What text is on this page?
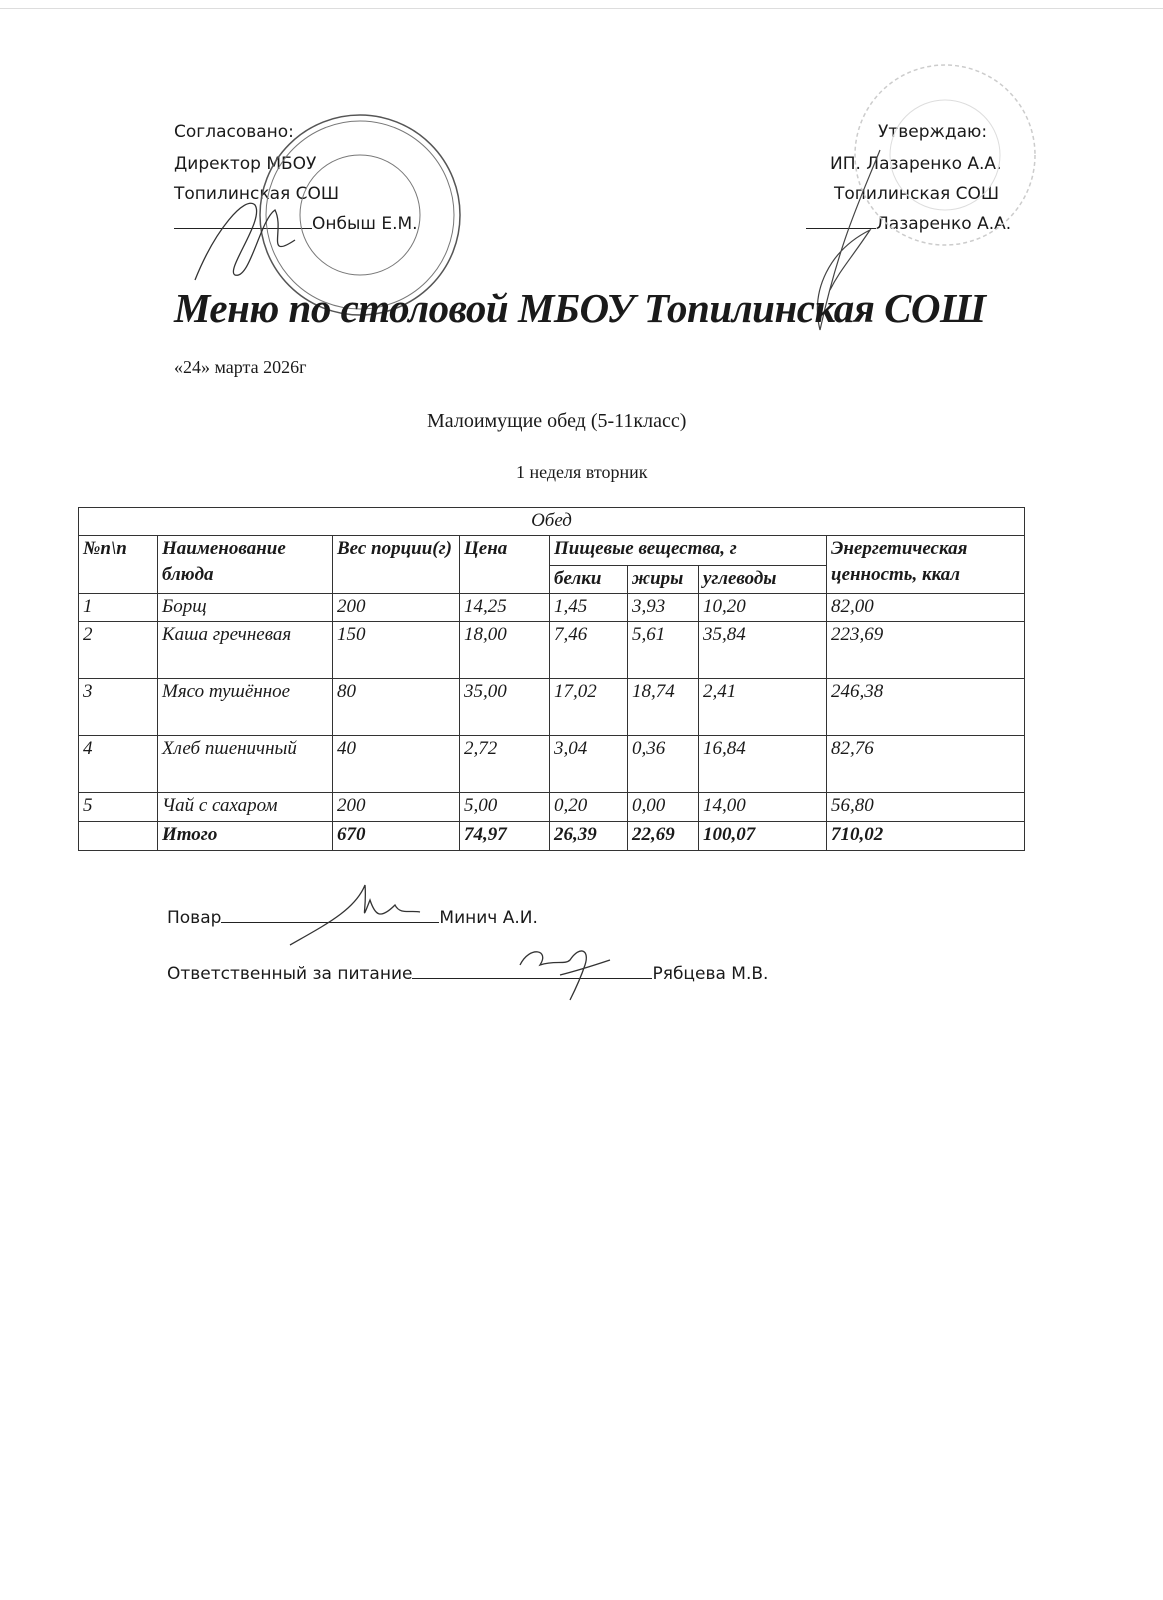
Согласовано:
Директор МБОУ
Топилинская СОШ
Онбыш Е.М.
Утверждаю:
ИП. Лазаренко А.А.
Топилинская СОШ
Лазаренко А.А.
Меню по столовой МБОУ Топилинская СОШ
«24» марта 2026г
Малоимущие обед (5-11класс)
1 неделя вторник
Обед							
№п\п	Наименование блюда	Вес порции(г)	Цена	Пищевые вещества, г			Энергетическая ценность, ккал
				белки	жиры	углеводы	
1	Борщ	200	14,25	1,45	3,93	10,20	82,00
2	Каша гречневая	150	18,00	7,46	5,61	35,84	223,69
3	Мясо тушённое	80	35,00	17,02	18,74	2,41	246,38
4	Хлеб пшеничный	40	2,72	3,04	0,36	16,84	82,76
5	Чай с сахаром	200	5,00	0,20	0,00	14,00	56,80
	Итого	670	74,97	26,39	22,69	100,07	710,02
Повар	Минич А.И.
Ответственный за питание	Рябцева М.В.
